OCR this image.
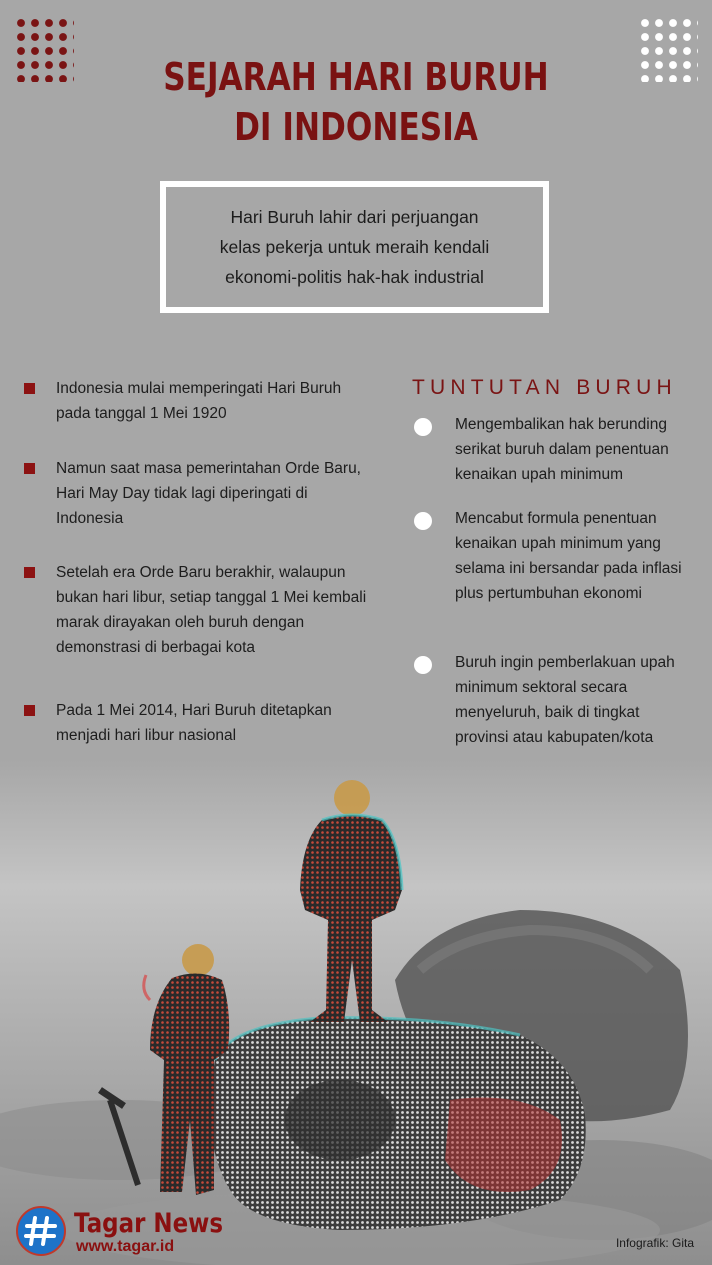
SEJARAH HARI BURUH
DI INDONESIA
Hari Buruh lahir dari perjuangan
kelas pekerja untuk meraih kendali
ekonomi-politis hak-hak industrial
Indonesia mulai memperingati Hari Buruh pada tanggal 1 Mei 1920
Namun saat masa pemerintahan Orde Baru, Hari May Day tidak lagi diperingati di Indonesia
Setelah era Orde Baru berakhir, walaupun bukan hari libur, setiap tanggal 1 Mei kembali marak dirayakan oleh buruh dengan demonstrasi di berbagai kota
Pada 1 Mei 2014, Hari Buruh ditetapkan menjadi hari libur nasional
TUNTUTAN BURUH
Mengembalikan hak berunding serikat buruh dalam penentuan kenaikan upah minimum
Mencabut formula penentuan kenaikan upah minimum yang selama ini bersandar pada inflasi plus pertumbuhan ekonomi
Buruh ingin pemberlakuan upah minimum sektoral secara menyeluruh, baik di tingkat provinsi atau kabupaten/kota
Tagar News
www.tagar.id	Infografik: Gita
